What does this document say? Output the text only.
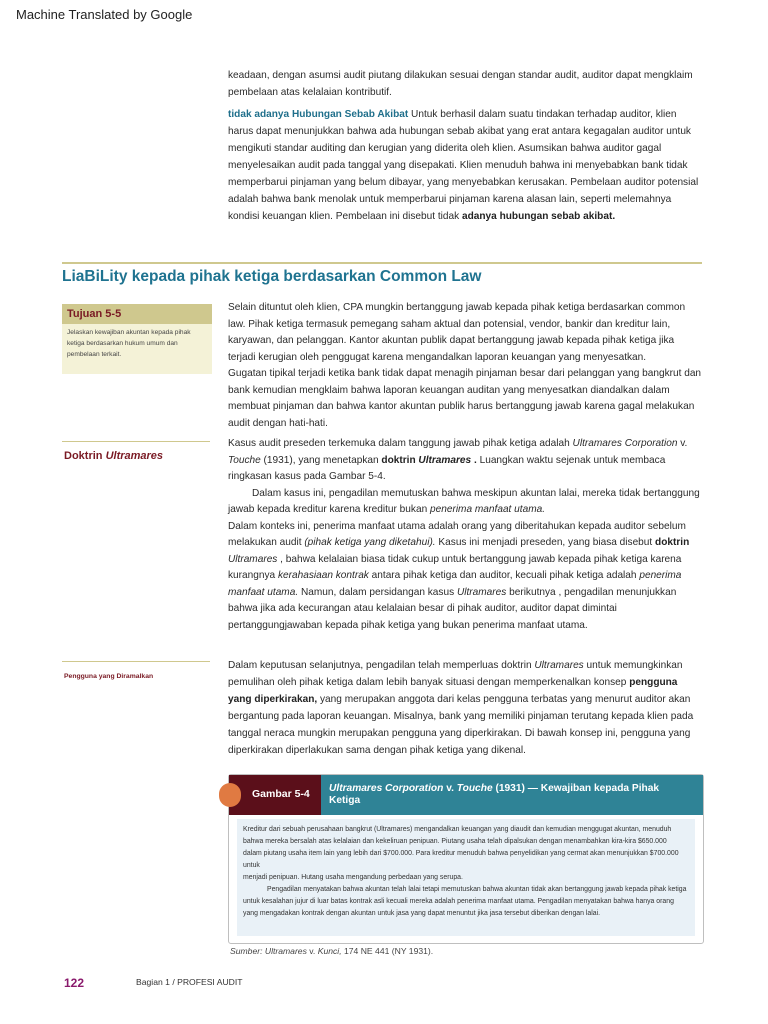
Machine Translated by Google

keadaan, dengan asumsi audit piutang dilakukan sesuai dengan standar audit, auditor dapat mengklaim pembelaan atas kelalaian kontributif.

tidak adanya Hubungan Sebab Akibat Untuk berhasil dalam suatu tindakan terhadap auditor, klien harus dapat menunjukkan bahwa ada hubungan sebab akibat yang erat antara kegagalan auditor untuk mengikuti standar auditing dan kerugian yang diderita oleh klien. Asumsikan bahwa auditor gagal menyelesaikan audit pada tanggal yang disepakati. Klien menuduh bahwa ini menyebabkan bank tidak memperbarui pinjaman yang belum dibayar, yang menyebabkan kerusakan. Pembelaan auditor potensial adalah bahwa bank menolak untuk memperbarui pinjaman karena alasan lain, seperti melemahnya kondisi keuangan klien. Pembelaan ini disebut tidak adanya hubungan sebab akibat.

LiaBiLity kepada pihak ketiga berdasarkan Common Law
Tujuan 5-5
Jelaskan kewajiban akuntan kepada pihak ketiga berdasarkan hukum umum dan pembelaan terkait.

Selain dituntut oleh klien, CPA mungkin bertanggung jawab kepada pihak ketiga berdasarkan common law. Pihak ketiga termasuk pemegang saham aktual dan potensial, vendor, bankir dan kreditur lain, karyawan, dan pelanggan. Kantor akuntan publik dapat bertanggung jawab kepada pihak ketiga jika terjadi kerugian oleh penggugat karena mengandalkan laporan keuangan yang menyesatkan.

Gugatan tipikal terjadi ketika bank tidak dapat menagih pinjaman besar dari pelanggan yang bangkrut dan bank kemudian mengklaim bahwa laporan keuangan auditan yang menyesatkan diandalkan dalam membuat pinjaman dan bahwa kantor akuntan publik harus bertanggung jawab karena gagal melakukan audit dengan hati-hati.

Doktrin Ultramares

Kasus audit preseden terkemuka dalam tanggung jawab pihak ketiga adalah Ultramares Corporation v.
Touche (1931), yang menetapkan doktrin Ultramares . Luangkan waktu sejenak untuk membaca ringkasan kasus pada Gambar 5-4.

Dalam kasus ini, pengadilan memutuskan bahwa meskipun akuntan lalai, mereka tidak bertanggung jawab kepada kreditur karena kreditur bukan penerima manfaat utama.

Dalam konteks ini, penerima manfaat utama adalah orang yang diberitahukan kepada auditor sebelum melakukan audit (pihak ketiga yang diketahui). Kasus ini menjadi preseden, yang biasa disebut doktrin Ultramares , bahwa kelalaian biasa tidak cukup untuk bertanggung jawab kepada pihak ketiga karena kurangnya kerahasiaan kontrak antara pihak ketiga dan auditor, kecuali pihak ketiga adalah penerima manfaat utama. Namun, dalam persidangan kasus Ultramares berikutnya , pengadilan menunjukkan bahwa jika ada kecurangan atau kelalaian besar di pihak auditor, auditor dapat dimintai pertanggungjawaban kepada pihak ketiga yang bukan penerima manfaat utama.

Pengguna yang Diramalkan

Dalam keputusan selanjutnya, pengadilan telah memperluas doktrin Ultramares untuk memungkinkan pemulihan oleh pihak ketiga dalam lebih banyak situasi dengan memperkenalkan konsep pengguna yang diperkirakan, yang merupakan anggota dari kelas pengguna terbatas yang menurut auditor akan bergantung pada laporan keuangan. Misalnya, bank yang memiliki pinjaman terutang kepada klien pada tanggal neraca mungkin merupakan pengguna yang diperkirakan. Di bawah konsep ini, pengguna yang diperkirakan diperlakukan sama dengan pihak ketiga yang dikenal.

Gambar 5-4 Ultramares Corporation v. Touche (1931) — Kewajiban kepada Pihak Ketiga

Kreditur dari sebuah perusahaan bangkrut (Ultramares) mengandalkan keuangan yang diaudit dan kemudian menggugat akuntan, menuduh bahwa mereka bersalah atas kelalaian dan kekeliruan penipuan. Piutang usaha telah dipalsukan dengan menambahkan kira-kira $650.000 dalam piutang usaha item lain yang lebih dari $700.000. Para kreditur menuduh bahwa penyelidikan yang cermat akan menunjukkan $700.000 untuk

menjadi penipuan. Hutang usaha mengandung perbedaan yang serupa.

Pengadilan menyatakan bahwa akuntan telah lalai tetapi memutuskan bahwa akuntan tidak akan bertanggung jawab kepada pihak ketiga untuk kesalahan jujur di luar batas kontrak asli kecuali mereka adalah penerima manfaat utama. Pengadilan menyatakan bahwa hanya orang yang mengadakan kontrak dengan akuntan untuk jasa yang dapat menuntut jika jasa tersebut diberikan dengan lalai.

Sumber: Ultramares v. Kunci, 174 NE 441 (NY 1931).
122	Bagian 1 / PROFESI AUDIT
